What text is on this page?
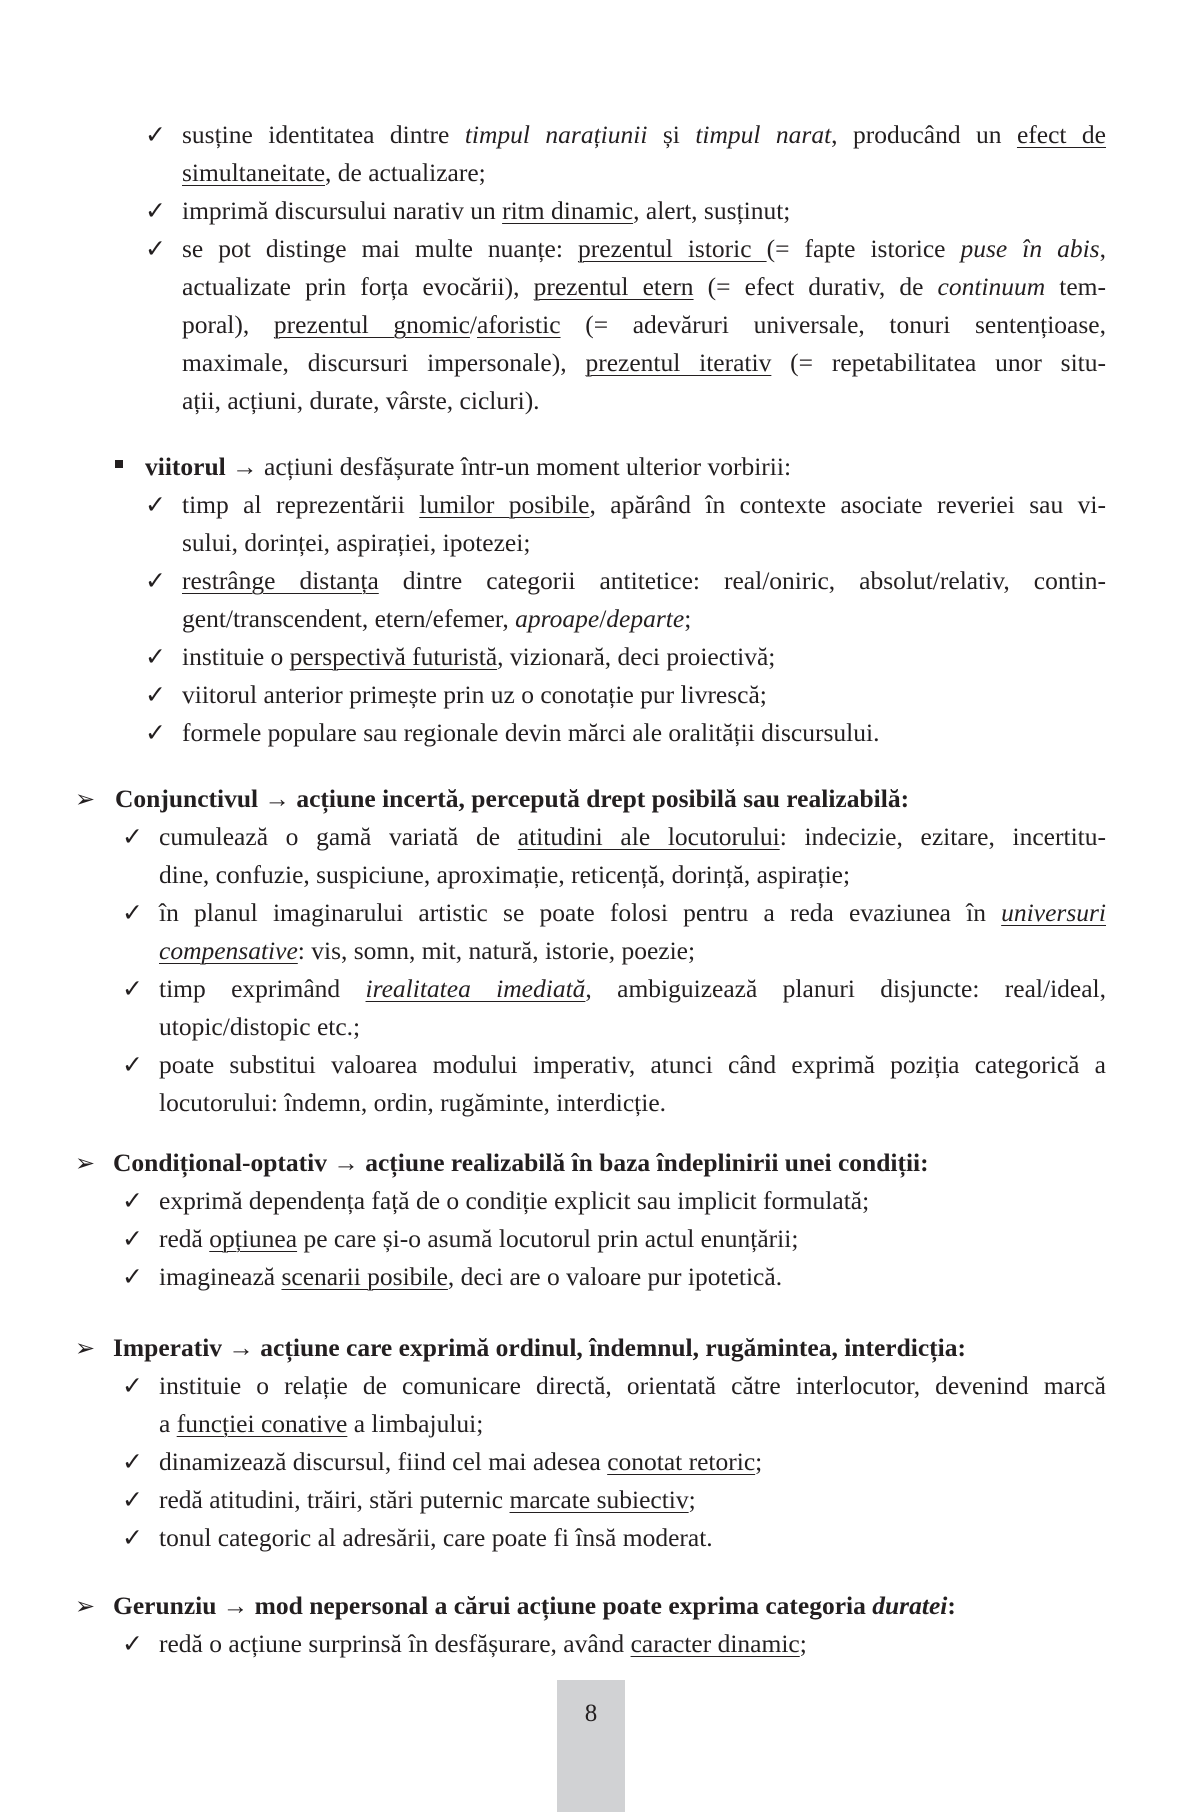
✓ susține identitatea dintre timpul narațiunii și timpul narat, producând un efect de
simultaneitate, de actualizare;
✓ imprimă discursului narativ un ritm dinamic, alert, susținut;
✓ se pot distinge mai multe nuanțe: prezentul istoric (= fapte istorice puse în abis,
actualizate prin forța evocării), prezentul etern (= efect durativ, de continuum tem-
poral), prezentul gnomic/aforistic (= adevăruri universale, tonuri sentențioase,
maximale, discursuri impersonale), prezentul iterativ (= repetabilitatea unor situ-
ații, acțiuni, durate, vârste, cicluri).
viitorul → acțiuni desfășurate într-un moment ulterior vorbirii:
✓ timp al reprezentării lumilor posibile, apărând în contexte asociate reveriei sau vi-
sului, dorinței, aspirației, ipotezei;
✓ restrânge distanța dintre categorii antitetice: real/oniric, absolut/relativ, contin-
gent/transcendent, etern/efemer, aproape/departe;
✓ instituie o perspectivă futuristă, vizionară, deci proiectivă;
✓ viitorul anterior primește prin uz o conotație pur livrescă;
✓ formele populare sau regionale devin mărci ale oralității discursului.
➢ Conjunctivul → acțiune incertă, percepută drept posibilă sau realizabilă:
✓ cumulează o gamă variată de atitudini ale locutorului: indecizie, ezitare, incertitu-
dine, confuzie, suspiciune, aproximație, reticență, dorință, aspirație;
✓ în planul imaginarului artistic se poate folosi pentru a reda evaziunea în universuri
compensative: vis, somn, mit, natură, istorie, poezie;
✓ timp exprimând irealitatea imediată, ambiguizează planuri disjuncte: real/ideal,
utopic/distopic etc.;
✓ poate substitui valoarea modului imperativ, atunci când exprimă poziția categorică a
locutorului: îndemn, ordin, rugăminte, interdicție.
➢ Condițional-optativ → acțiune realizabilă în baza îndeplinirii unei condiții:
✓ exprimă dependența față de o condiție explicit sau implicit formulată;
✓ redă opțiunea pe care și-o asumă locutorul prin actul enunțării;
✓ imaginează scenarii posibile, deci are o valoare pur ipotetică.
➢ Imperativ → acțiune care exprimă ordinul, îndemnul, rugămintea, interdicția:
✓ instituie o relație de comunicare directă, orientată către interlocutor, devenind marcă
a funcției conative a limbajului;
✓ dinamizează discursul, fiind cel mai adesea conotat retoric;
✓ redă atitudini, trăiri, stări puternic marcate subiectiv;
✓ tonul categoric al adresării, care poate fi însă moderat.
➢ Gerunziu → mod nepersonal a cărui acțiune poate exprima categoria duratei:
✓ redă o acțiune surprinsă în desfășurare, având caracter dinamic;
8
